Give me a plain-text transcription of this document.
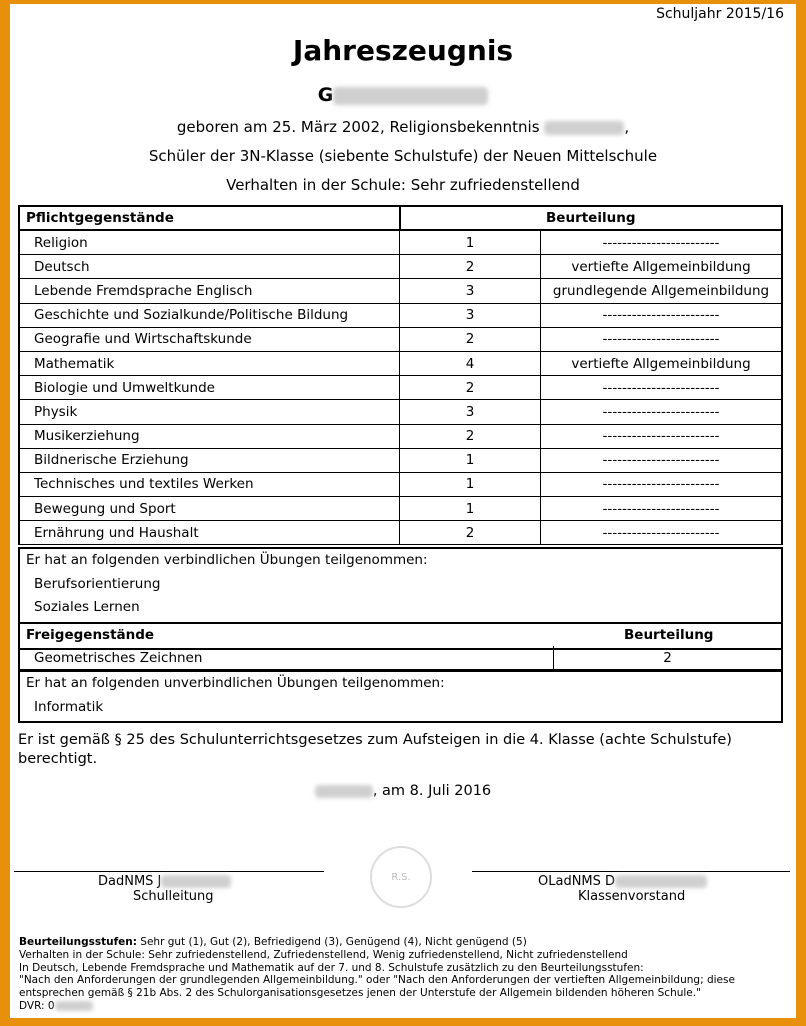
Schuljahr 2015/16
Jahreszeugnis
G
geboren am 25. März 2002, Religionsbekenntnis	,
Schüler der 3N-Klasse (siebente Schulstufe) der Neuen Mittelschule
Verhalten in der Schule: Sehr zufriedenstellend
Pflichtgegenstände	Beurteilung	
Religion	1	------------------------
Deutsch	2	vertiefte Allgemeinbildung
Lebende Fremdsprache Englisch	3	grundlegende Allgemeinbildung
Geschichte und Sozialkunde/Politische Bildung	3	------------------------
Geografie und Wirtschaftskunde	2	------------------------
Mathematik	4	vertiefte Allgemeinbildung
Biologie und Umweltkunde	2	------------------------
Physik	3	------------------------
Musikerziehung	2	------------------------
Bildnerische Erziehung	1	------------------------
Technisches und textiles Werken	1	------------------------
Bewegung und Sport	1	------------------------
Ernährung und Haushalt	2	------------------------
Er hat an folgenden verbindlichen Übungen teilgenommen:
Berufsorientierung
Soziales Lernen
Freigegenstände	Beurteilung
Geometrisches Zeichnen	2
Er hat an folgenden unverbindlichen Übungen teilgenommen:
Informatik
Er ist gemäß § 25 des Schulunterrichtsgesetzes zum Aufsteigen in die 4. Klasse (achte Schulstufe) berechtigt.
, am 8. Juli 2016
DadNMS J
Schulleitung
R.S.	OLadNMS D
Klassenvorstand
Beurteilungsstufen: Sehr gut (1), Gut (2), Befriedigend (3), Genügend (4), Nicht genügend (5)
Verhalten in der Schule: Sehr zufriedenstellend, Zufriedenstellend, Wenig zufriedenstellend, Nicht zufriedenstellend
In Deutsch, Lebende Fremdsprache und Mathematik auf der 7. und 8. Schulstufe zusätzlich zu den Beurteilungsstufen:
"Nach den Anforderungen der grundlegenden Allgemeinbildung." oder "Nach den Anforderungen der vertieften Allgemeinbildung; diese
entsprechen gemäß § 21b Abs. 2 des Schulorganisationsgesetzes jenen der Unterstufe der Allgemein bildenden höheren Schule."
DVR: 0
